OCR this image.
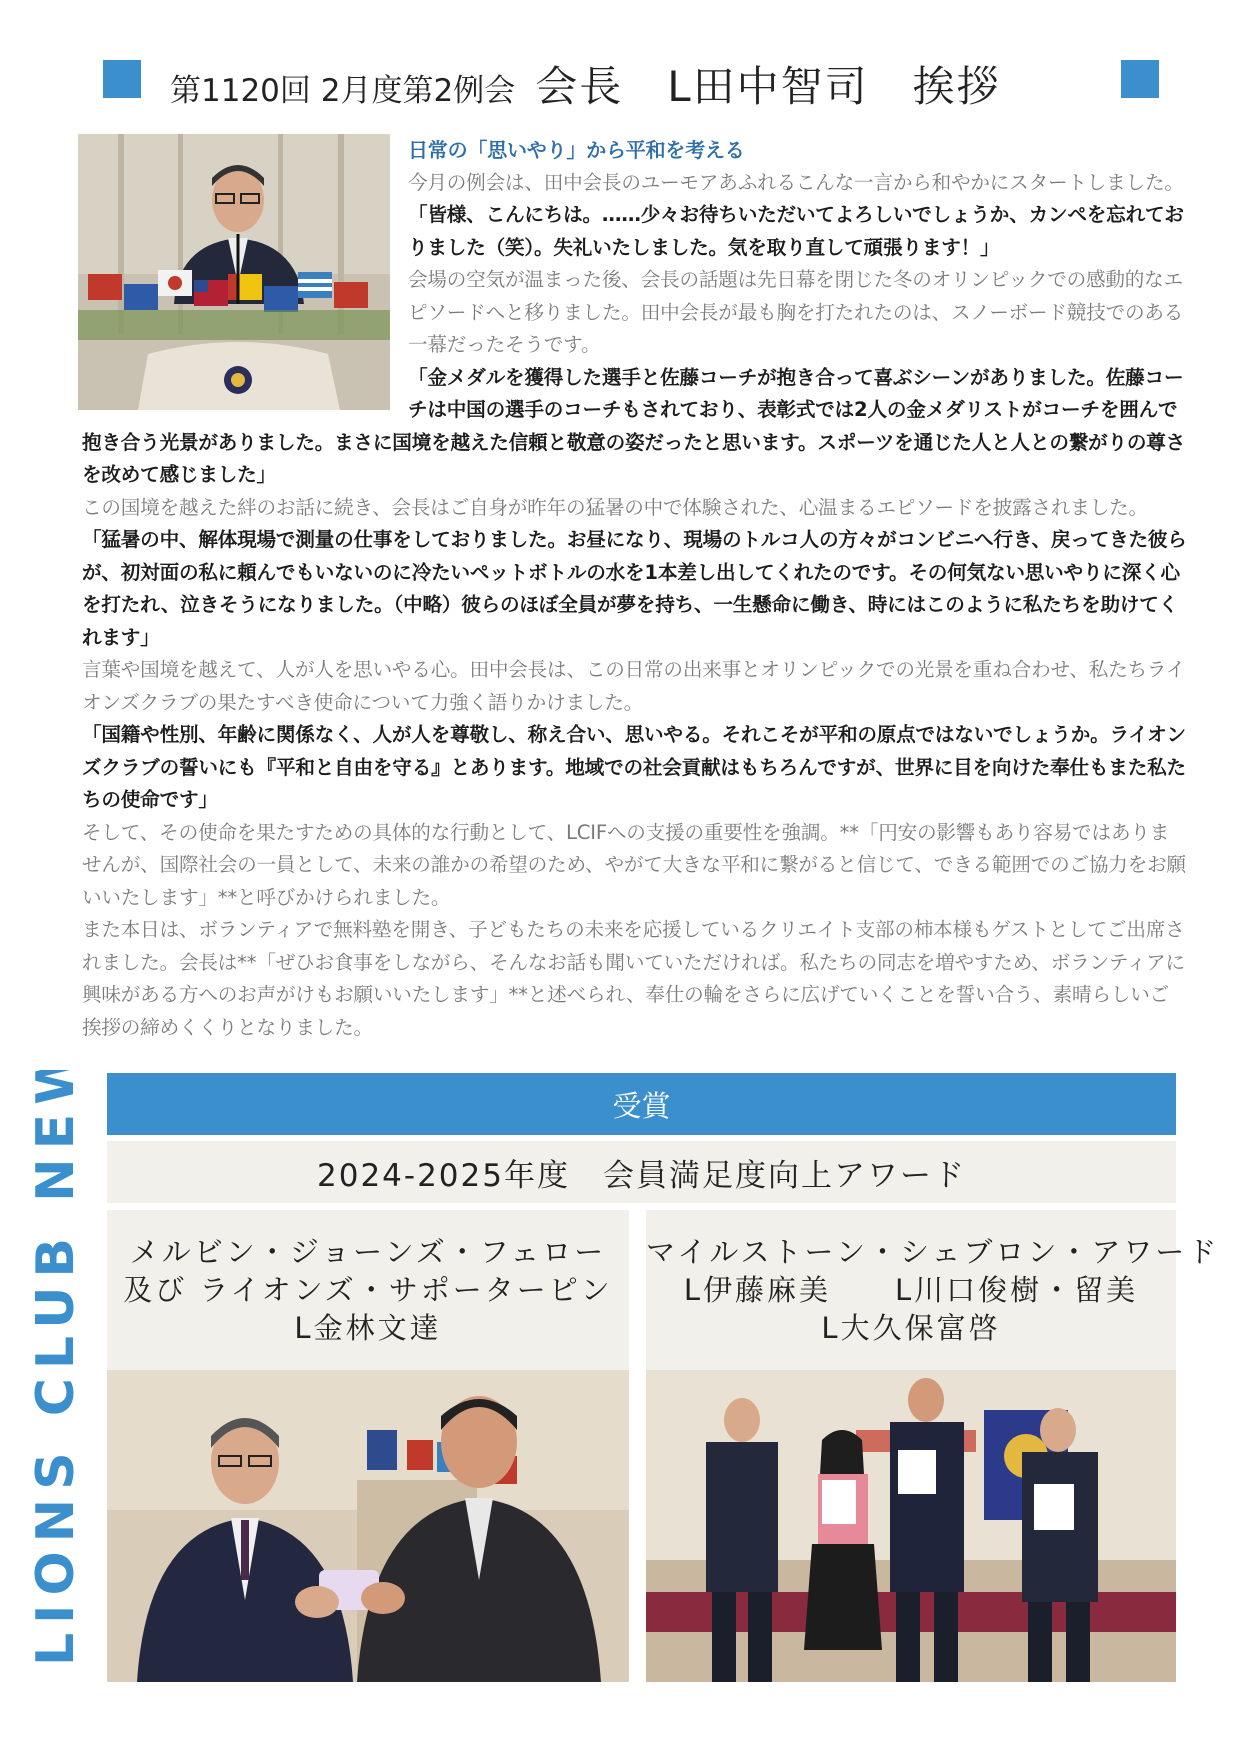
第1120回 2月度第2例会 会長　L田中智司　挨拶

日常の「思いやり」から平和を考える

今月の例会は、田中会長のユーモアあふれるこんな一言から和やかにスタートしました。

「皆様、こんにちは。……少々お待ちいただいてよろしいでしょうか、カンペを忘れておりました（笑）。失礼いたしました。気を取り直して頑張ります！」

会場の空気が温まった後、会長の話題は先日幕を閉じた冬のオリンピックでの感動的なエピソードへと移りました。田中会長が最も胸を打たれたのは、スノーボード競技でのある一幕だったそうです。

「金メダルを獲得した選手と佐藤コーチが抱き合って喜ぶシーンがありました。佐藤コーチは中国の選手のコーチもされており、表彰式では2人の金メダリストがコーチを囲んで抱き合う光景がありました。まさに国境を越えた信頼と敬意の姿だったと思います。スポーツを通じた人と人との繋がりの尊さを改めて感じました」

この国境を越えた絆のお話に続き、会長はご自身が昨年の猛暑の中で体験された、心温まるエピソードを披露されました。

「猛暑の中、解体現場で測量の仕事をしておりました。お昼になり、現場のトルコ人の方々がコンビニへ行き、戻ってきた彼らが、初対面の私に頼んでもいないのに冷たいペットボトルの水を1本差し出してくれたのです。その何気ない思いやりに深く心を打たれ、泣きそうになりました。（中略）彼らのほぼ全員が夢を持ち、一生懸命に働き、時にはこのように私たちを助けてくれます」

言葉や国境を越えて、人が人を思いやる心。田中会長は、この日常の出来事とオリンピックでの光景を重ね合わせ、私たちライオンズクラブの果たすべき使命について力強く語りかけました。

「国籍や性別、年齢に関係なく、人が人を尊敬し、称え合い、思いやる。それこそが平和の原点ではないでしょうか。ライオンズクラブの誓いにも『平和と自由を守る』とあります。地域での社会貢献はもちろんですが、世界に目を向けた奉仕もまた私たちの使命です」

そして、その使命を果たすための具体的な行動として、LCIFへの支援の重要性を強調。**「円安の影響もあり容易ではありませんが、国際社会の一員として、未来の誰かの希望のため、やがて大きな平和に繋がると信じて、できる範囲でのご協力をお願いいたします」**と呼びかけられました。

また本日は、ボランティアで無料塾を開き、子どもたちの未来を応援しているクリエイト支部の柿本様もゲストとしてご出席されました。会長は**「ぜひお食事をしながら、そんなお話も聞いていただければ。私たちの同志を増やすため、ボランティアに興味がある方へのお声がけもお願いいたします」**と述べられ、奉仕の輪をさらに広げていくことを誓い合う、素晴らしいご挨拶の締めくくりとなりました。

LIONS CLUB NEWS	受賞
2024-2025年度　会員満足度向上アワード
メルビン・ジョーンズ・フェロー
及び ライオンズ・サポーターピン
L金林文達
マイルストーン・シェブロン・アワード
L伊藤麻美　　L川口俊樹・留美
L大久保富啓
